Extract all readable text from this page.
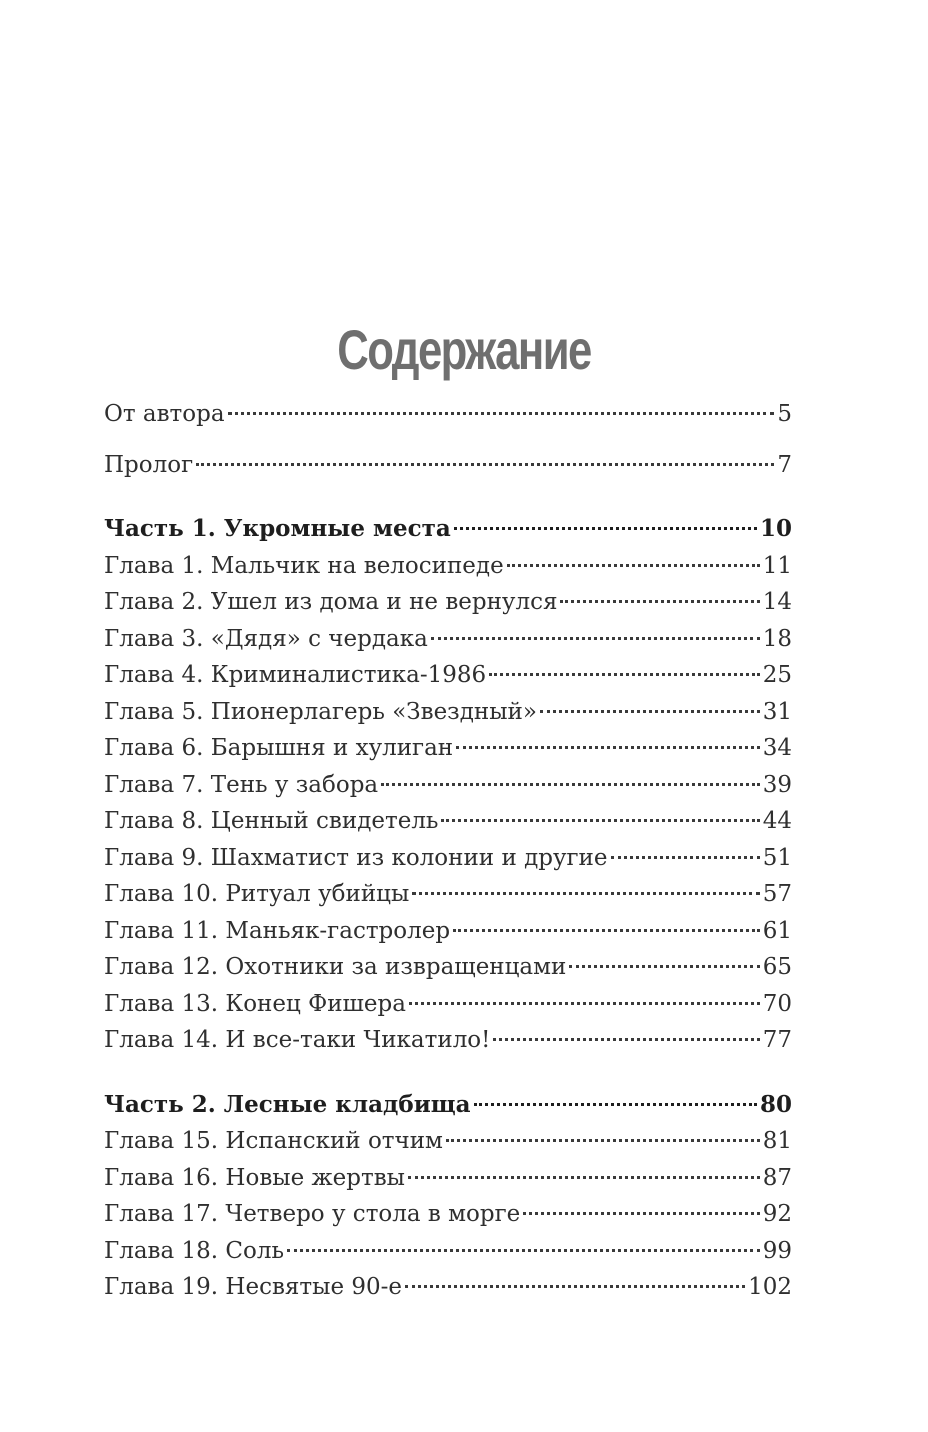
Содержание
От автора	5
Пролог	7
Часть 1. Укромные места	10
Глава 1. Мальчик на велосипеде	11
Глава 2. Ушел из дома и не вернулся	14
Глава 3. «Дядя» с чердака	18
Глава 4. Криминалистика-1986	25
Глава 5. Пионерлагерь «Звездный»	31
Глава 6. Барышня и хулиган	34
Глава 7. Тень у забора	39
Глава 8. Ценный свидетель	44
Глава 9. Шахматист из колонии и другие	51
Глава 10. Ритуал убийцы	57
Глава 11. Маньяк-гастролер	61
Глава 12. Охотники за извращенцами	65
Глава 13. Конец Фишера	70
Глава 14. И все-таки Чикатило!	77
Часть 2. Лесные кладбища	80
Глава 15. Испанский отчим	81
Глава 16. Новые жертвы	87
Глава 17. Четверо у стола в морге	92
Глава 18. Соль	99
Глава 19. Несвятые 90-е	102
